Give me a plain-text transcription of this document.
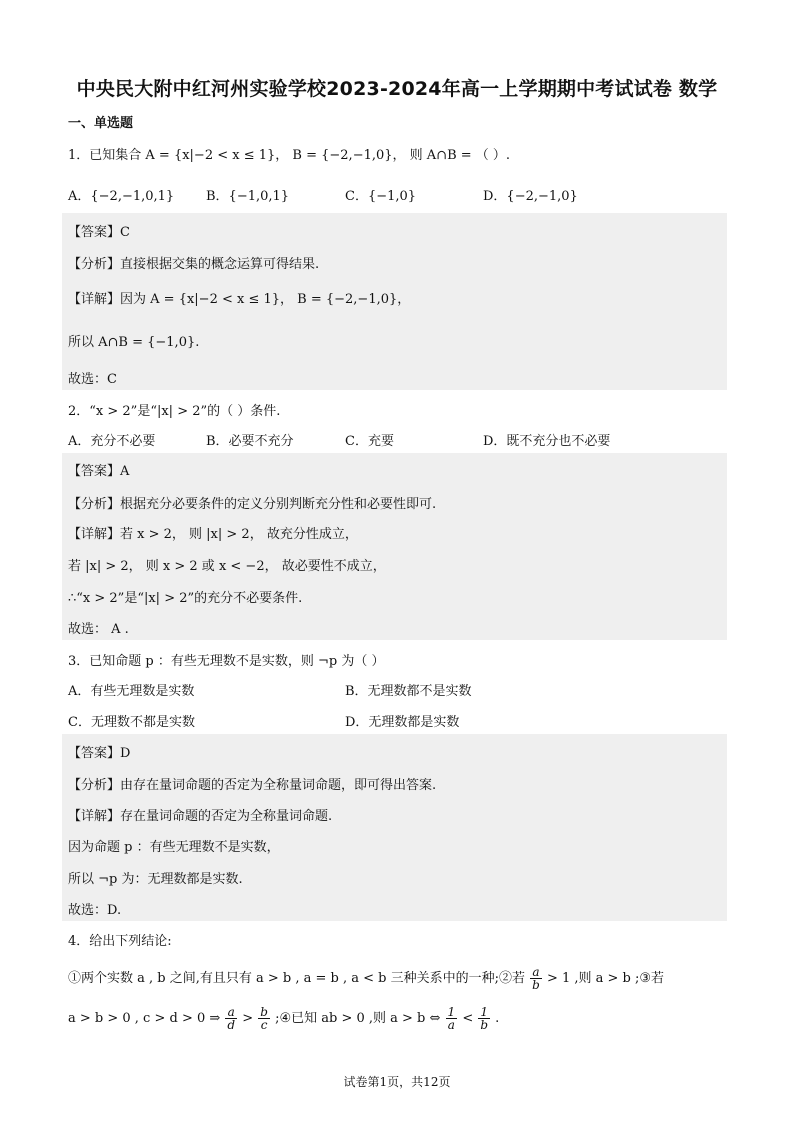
中央民大附中红河州实验学校2023-2024年高一上学期期中考试试卷 数学
一、单选题
1．已知集合 A = {x|−2 < x ≤ 1}， B = {−2,−1,0}， 则 A∩B = （ ）.
A．{−2,−1,0,1} B．{−1,0,1}	C．{−1,0}	D．{−2,−1,0}
【答案】C
【分析】直接根据交集的概念运算可得结果.
【详解】因为 A = {x|−2 < x ≤ 1}， B = {−2,−1,0}，
所以 A∩B = {−1,0}.
故选：C
2．“x > 2”是“|x| > 2”的（ ）条件.
A．充分不必要	B．必要不充分	C．充要	D．既不充分也不必要
【答案】A
【分析】根据充分必要条件的定义分别判断充分性和必要性即可.
【详解】若 x > 2， 则 |x| > 2， 故充分性成立，
若 |x| > 2， 则 x > 2 或 x < −2， 故必要性不成立，
∴“x > 2”是“|x| > 2”的充分不必要条件.
故选： A .
3．已知命题 p ：有些无理数不是实数，则 ¬p 为（ ）
A．有些无理数是实数	B．无理数都不是实数
C．无理数不都是实数	D．无理数都是实数
【答案】D
【分析】由存在量词命题的否定为全称量词命题，即可得出答案.
【详解】存在量词命题的否定为全称量词命题.
因为命题 p ：有些无理数不是实数，
所以 ¬p 为：无理数都是实数.
故选：D.
4．给出下列结论:
①两个实数 a , b 之间,有且只有 a > b , a = b , a < b 三种关系中的一种;②若 $\frac{a}{b} > 1$ ,则 a > b ;③若
a > b > 0 , c > d > 0 ⇒ $\frac{a}{d} > \frac{b}{c}$ ;④已知 ab > 0 ,则 a > b ⇔ $\frac{1}{a} < \frac{1}{b}$ .
试卷第1页，共12页
